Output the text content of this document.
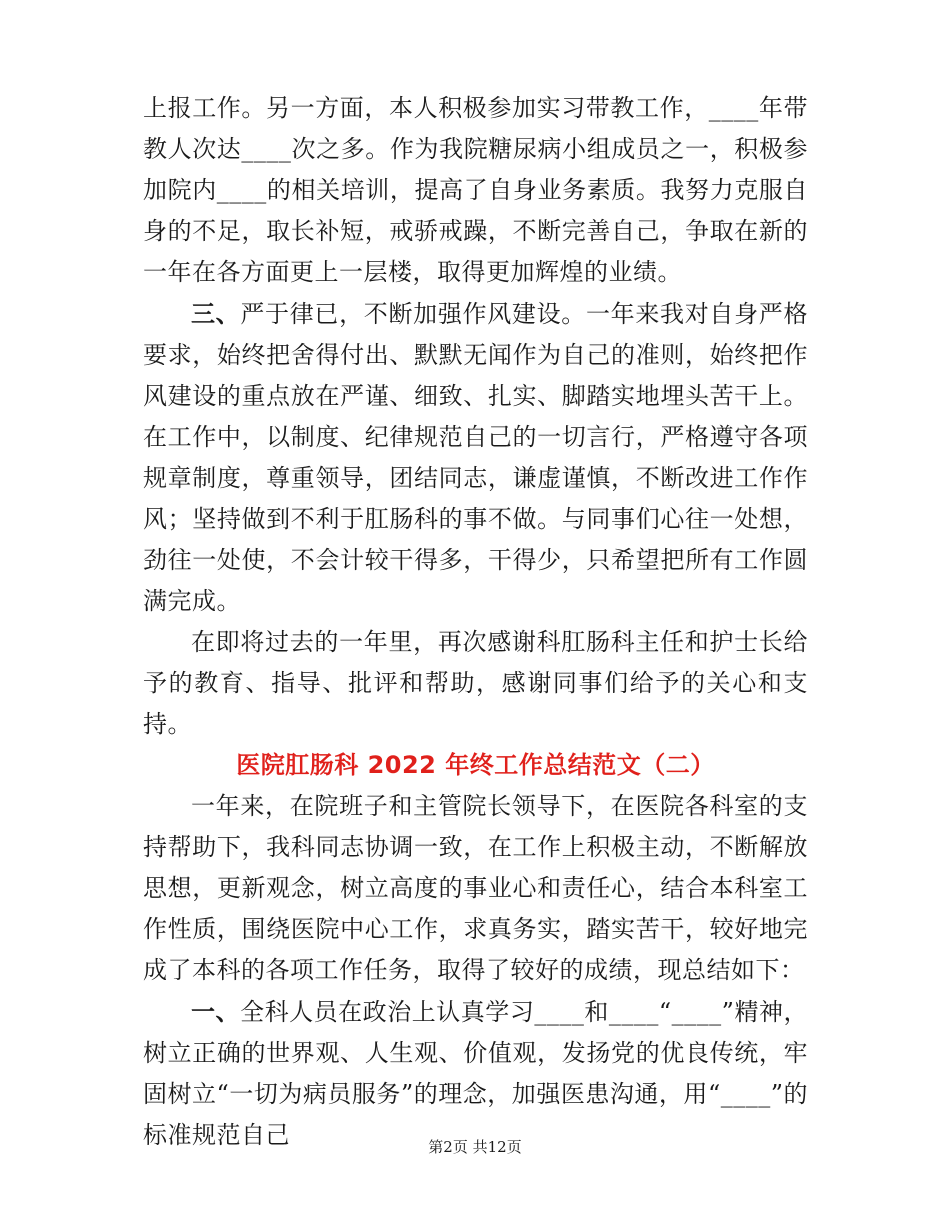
上报工作。另一方面，本人积极参加实习带教工作，____年带教人次达____次之多。作为我院糖尿病小组成员之一，积极参加院内____的相关培训，提高了自身业务素质。我努力克服自身的不足，取长补短，戒骄戒躁，不断完善自己，争取在新的一年在各方面更上一层楼，取得更加辉煌的业绩。

三、严于律已，不断加强作风建设。一年来我对自身严格要求，始终把舍得付出、默默无闻作为自己的准则，始终把作风建设的重点放在严谨、细致、扎实、脚踏实地埋头苦干上。在工作中，以制度、纪律规范自己的一切言行，严格遵守各项规章制度，尊重领导，团结同志，谦虚谨慎，不断改进工作作风；坚持做到不利于肛肠科的事不做。与同事们心往一处想，劲往一处使，不会计较干得多，干得少，只希望把所有工作圆满完成。

在即将过去的一年里，再次感谢科肛肠科主任和护士长给予的教育、指导、批评和帮助，感谢同事们给予的关心和支持。

医院肛肠科 2022 年终工作总结范文（二）

一年来，在院班子和主管院长领导下，在医院各科室的支持帮助下，我科同志协调一致，在工作上积极主动，不断解放思想，更新观念，树立高度的事业心和责任心，结合本科室工作性质，围绕医院中心工作，求真务实，踏实苦干，较好地完成了本科的各项工作任务，取得了较好的成绩，现总结如下：

一、全科人员在政治上认真学习____和____“____”精神，树立正确的世界观、人生观、价值观，发扬党的优良传统，牢固树立“一切为病员服务”的理念，加强医患沟通，用“____”的标准规范自己	第2页 共12页
